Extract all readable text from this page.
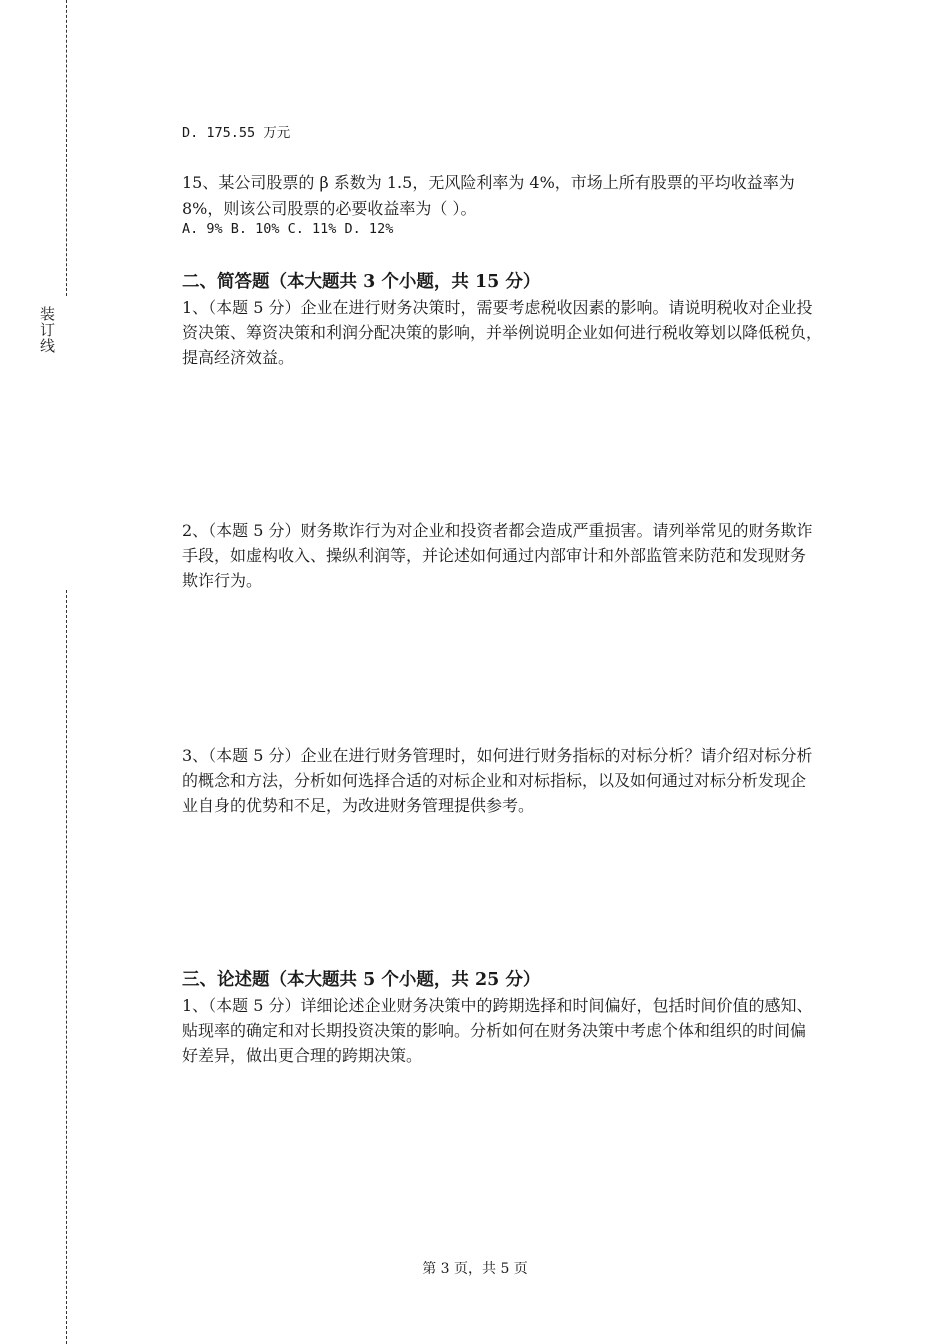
装订线
D. 175.55 万元
15、某公司股票的 β 系数为 1.5，无风险利率为 4%，市场上所有股票的平均收益率为
8%，则该公司股票的必要收益率为（ ）。
A. 9% B. 10% C. 11% D. 12%
二、简答题（本大题共 3 个小题，共 15 分）
1、（本题 5 分）企业在进行财务决策时，需要考虑税收因素的影响。请说明税收对企业投
资决策、筹资决策和利润分配决策的影响，并举例说明企业如何进行税收筹划以降低税负，
提高经济效益。
2、（本题 5 分）财务欺诈行为对企业和投资者都会造成严重损害。请列举常见的财务欺诈
手段，如虚构收入、操纵利润等，并论述如何通过内部审计和外部监管来防范和发现财务
欺诈行为。
3、（本题 5 分）企业在进行财务管理时，如何进行财务指标的对标分析？请介绍对标分析
的概念和方法，分析如何选择合适的对标企业和对标指标，以及如何通过对标分析发现企
业自身的优势和不足，为改进财务管理提供参考。
三、论述题（本大题共 5 个小题，共 25 分）
1、（本题 5 分）详细论述企业财务决策中的跨期选择和时间偏好，包括时间价值的感知、
贴现率的确定和对长期投资决策的影响。分析如何在财务决策中考虑个体和组织的时间偏
好差异，做出更合理的跨期决策。
第 3 页，共 5 页
